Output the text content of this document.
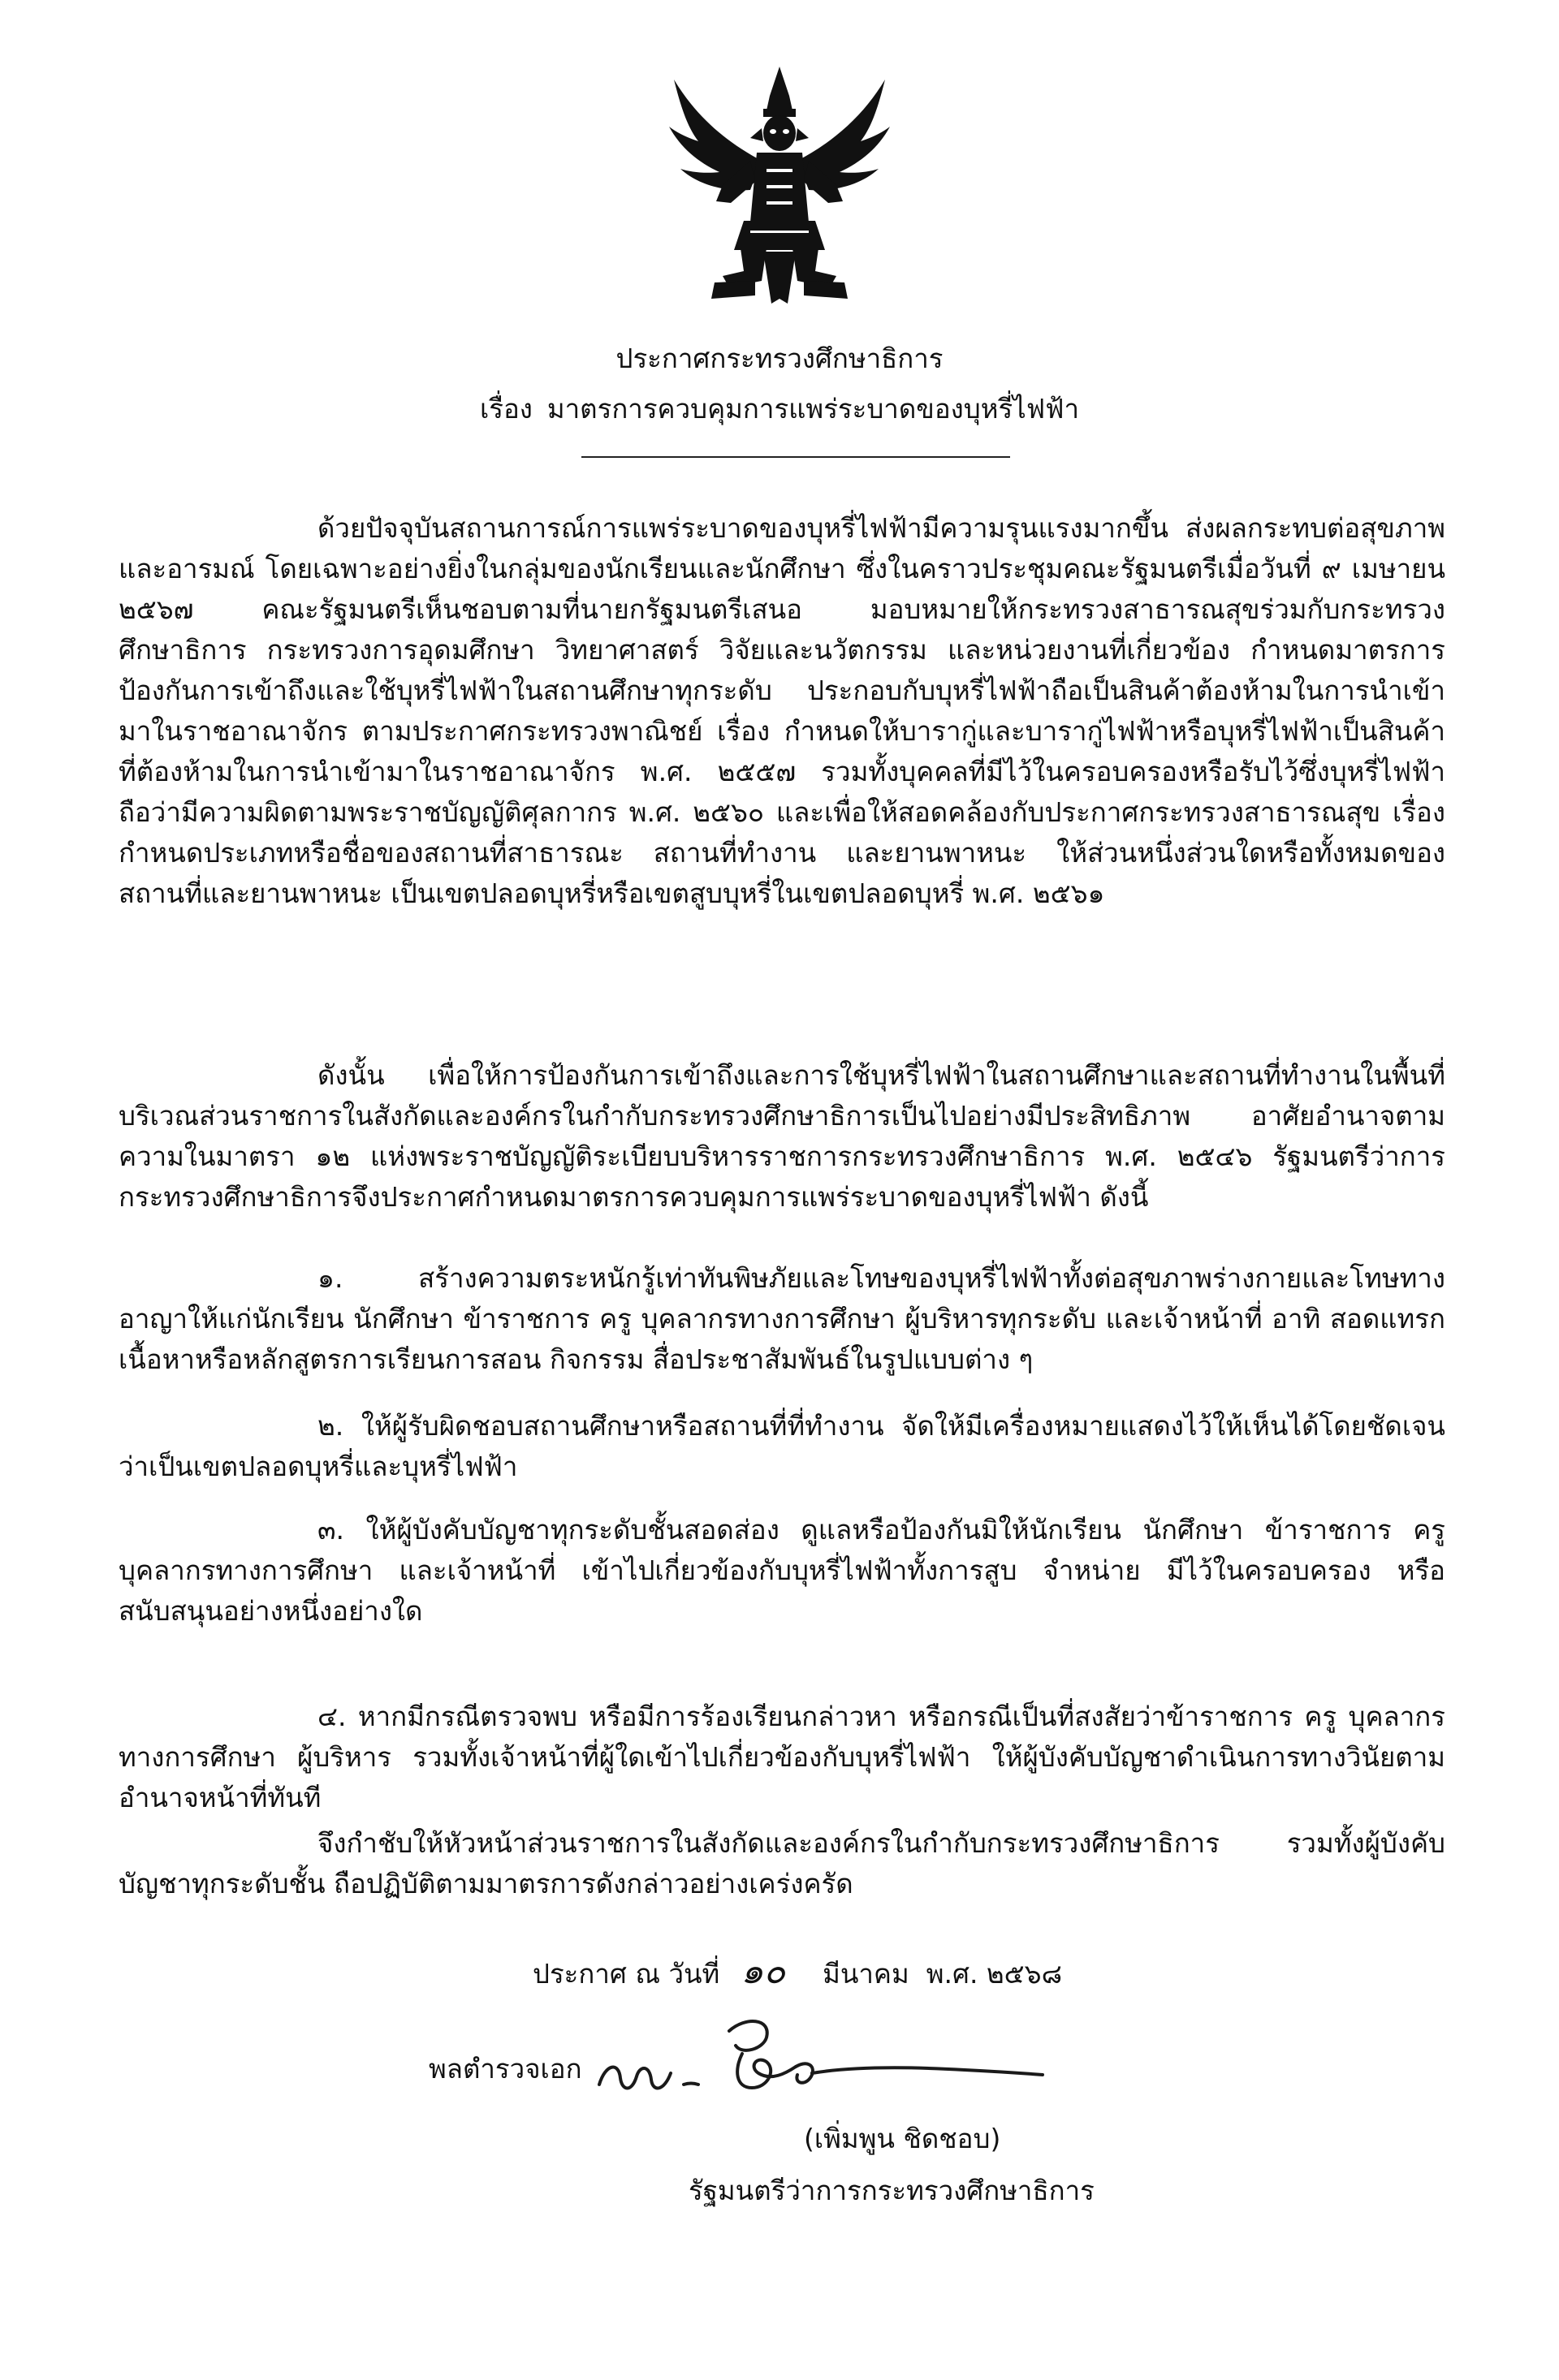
ประกาศกระทรวงศึกษาธิการ
เรื่อง มาตรการควบคุมการแพร่ระบาดของบุหรี่ไฟฟ้า

ด้วยปัจจุบันสถานการณ์การแพร่ระบาดของบุหรี่ไฟฟ้ามีความรุนแรงมากขึ้น ส่งผลกระทบต่อสุขภาพและอารมณ์ โดยเฉพาะอย่างยิ่งในกลุ่มของนักเรียนและนักศึกษา ซึ่งในคราวประชุมคณะรัฐมนตรีเมื่อวันที่ ๙ เมษายน ๒๕๖๗ คณะรัฐมนตรีเห็นชอบตามที่นายกรัฐมนตรีเสนอ มอบหมายให้กระทรวงสาธารณสุขร่วมกับกระทรวงศึกษาธิการ กระทรวงการอุดมศึกษา วิทยาศาสตร์ วิจัยและนวัตกรรม และหน่วยงานที่เกี่ยวข้อง กำหนดมาตรการป้องกันการเข้าถึงและใช้บุหรี่ไฟฟ้าในสถานศึกษาทุกระดับ ประกอบกับบุหรี่ไฟฟ้าถือเป็นสินค้าต้องห้ามในการนำเข้ามาในราชอาณาจักร ตามประกาศกระทรวงพาณิชย์ เรื่อง กำหนดให้บารากู่และบารากู่ไฟฟ้าหรือบุหรี่ไฟฟ้าเป็นสินค้าที่ต้องห้ามในการนำเข้ามาในราชอาณาจักร พ.ศ. ๒๕๕๗ รวมทั้งบุคคลที่มีไว้ในครอบครองหรือรับไว้ซึ่งบุหรี่ไฟฟ้าถือว่ามีความผิดตามพระราชบัญญัติศุลกากร พ.ศ. ๒๕๖๐ และเพื่อให้สอดคล้องกับประกาศกระทรวงสาธารณสุข เรื่อง กำหนดประเภทหรือชื่อของสถานที่สาธารณะ สถานที่ทำงาน และยานพาหนะ ให้ส่วนหนึ่งส่วนใดหรือทั้งหมดของสถานที่และยานพาหนะ เป็นเขตปลอดบุหรี่หรือเขตสูบบุหรี่ในเขตปลอดบุหรี่ พ.ศ. ๒๕๖๑

ดังนั้น เพื่อให้การป้องกันการเข้าถึงและการใช้บุหรี่ไฟฟ้าในสถานศึกษาและสถานที่ทำงานในพื้นที่บริเวณส่วนราชการในสังกัดและองค์กรในกำกับกระทรวงศึกษาธิการเป็นไปอย่างมีประสิทธิภาพ อาศัยอำนาจตามความในมาตรา ๑๒ แห่งพระราชบัญญัติระเบียบบริหารราชการกระทรวงศึกษาธิการ พ.ศ. ๒๕๔๖ รัฐมนตรีว่าการกระทรวงศึกษาธิการจึงประกาศกำหนดมาตรการควบคุมการแพร่ระบาดของบุหรี่ไฟฟ้า ดังนี้

๑. สร้างความตระหนักรู้เท่าทันพิษภัยและโทษของบุหรี่ไฟฟ้าทั้งต่อสุขภาพร่างกายและโทษทางอาญาให้แก่นักเรียน นักศึกษา ข้าราชการ ครู บุคลากรทางการศึกษา ผู้บริหารทุกระดับ และเจ้าหน้าที่ อาทิ สอดแทรกเนื้อหาหรือหลักสูตรการเรียนการสอน กิจกรรม สื่อประชาสัมพันธ์ในรูปแบบต่าง ๆ

๒. ให้ผู้รับผิดชอบสถานศึกษาหรือสถานที่ที่ทำงาน จัดให้มีเครื่องหมายแสดงไว้ให้เห็นได้โดยชัดเจนว่าเป็นเขตปลอดบุหรี่และบุหรี่ไฟฟ้า

๓. ให้ผู้บังคับบัญชาทุกระดับชั้นสอดส่อง ดูแลหรือป้องกันมิให้นักเรียน นักศึกษา ข้าราชการ ครู บุคลากรทางการศึกษา และเจ้าหน้าที่ เข้าไปเกี่ยวข้องกับบุหรี่ไฟฟ้าทั้งการสูบ จำหน่าย มีไว้ในครอบครอง หรือสนับสนุนอย่างหนึ่งอย่างใด

๔. หากมีกรณีตรวจพบ หรือมีการร้องเรียนกล่าวหา หรือกรณีเป็นที่สงสัยว่าข้าราชการ ครู บุคลากรทางการศึกษา ผู้บริหาร รวมทั้งเจ้าหน้าที่ผู้ใดเข้าไปเกี่ยวข้องกับบุหรี่ไฟฟ้า ให้ผู้บังคับบัญชาดำเนินการทางวินัยตามอำนาจหน้าที่ทันที

จึงกำชับให้หัวหน้าส่วนราชการในสังกัดและองค์กรในกำกับกระทรวงศึกษาธิการ รวมทั้งผู้บังคับบัญชาทุกระดับชั้น ถือปฏิบัติตามมาตรการดังกล่าวอย่างเคร่งครัด

ประกาศ ณ วันที่ ๑๐ มีนาคม พ.ศ. ๒๕๖๘
พลตำรวจเอก
(เพิ่มพูน ชิดชอบ)
รัฐมนตรีว่าการกระทรวงศึกษาธิการ
